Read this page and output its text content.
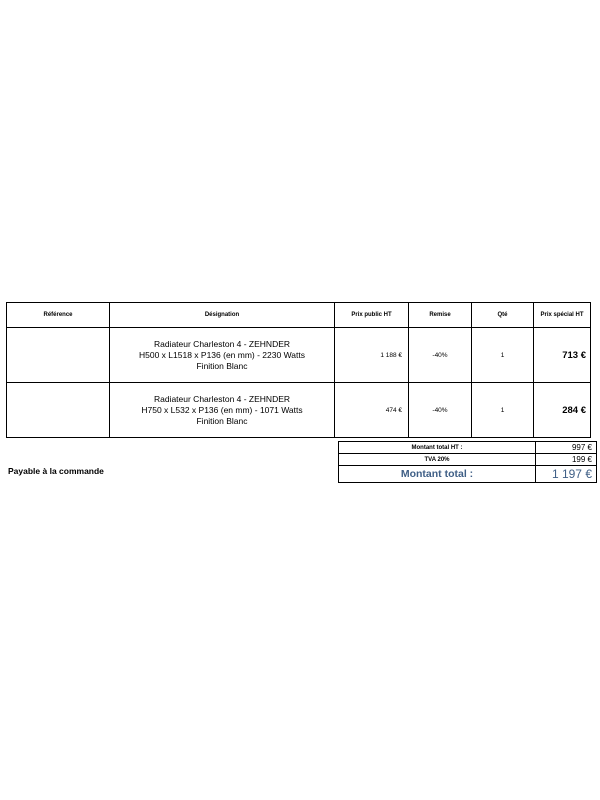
Référence	Désignation	Prix public HT	Remise	Qté	Prix spécial HT

	Radiateur Charleston 4 - ZEHNDER
H500 x L1518 x P136 (en mm) - 2230 Watts
Finition Blanc	1 188 €	-40%	1	713 €

	Radiateur Charleston 4 - ZEHNDER
H750 x L532 x P136 (en mm) - 1071 Watts
Finition Blanc	474 €	-40%	1	284 €
Montant total HT :	997 €
TVA 20%	199 €
Montant total :	1 197 €
Payable à la commande
